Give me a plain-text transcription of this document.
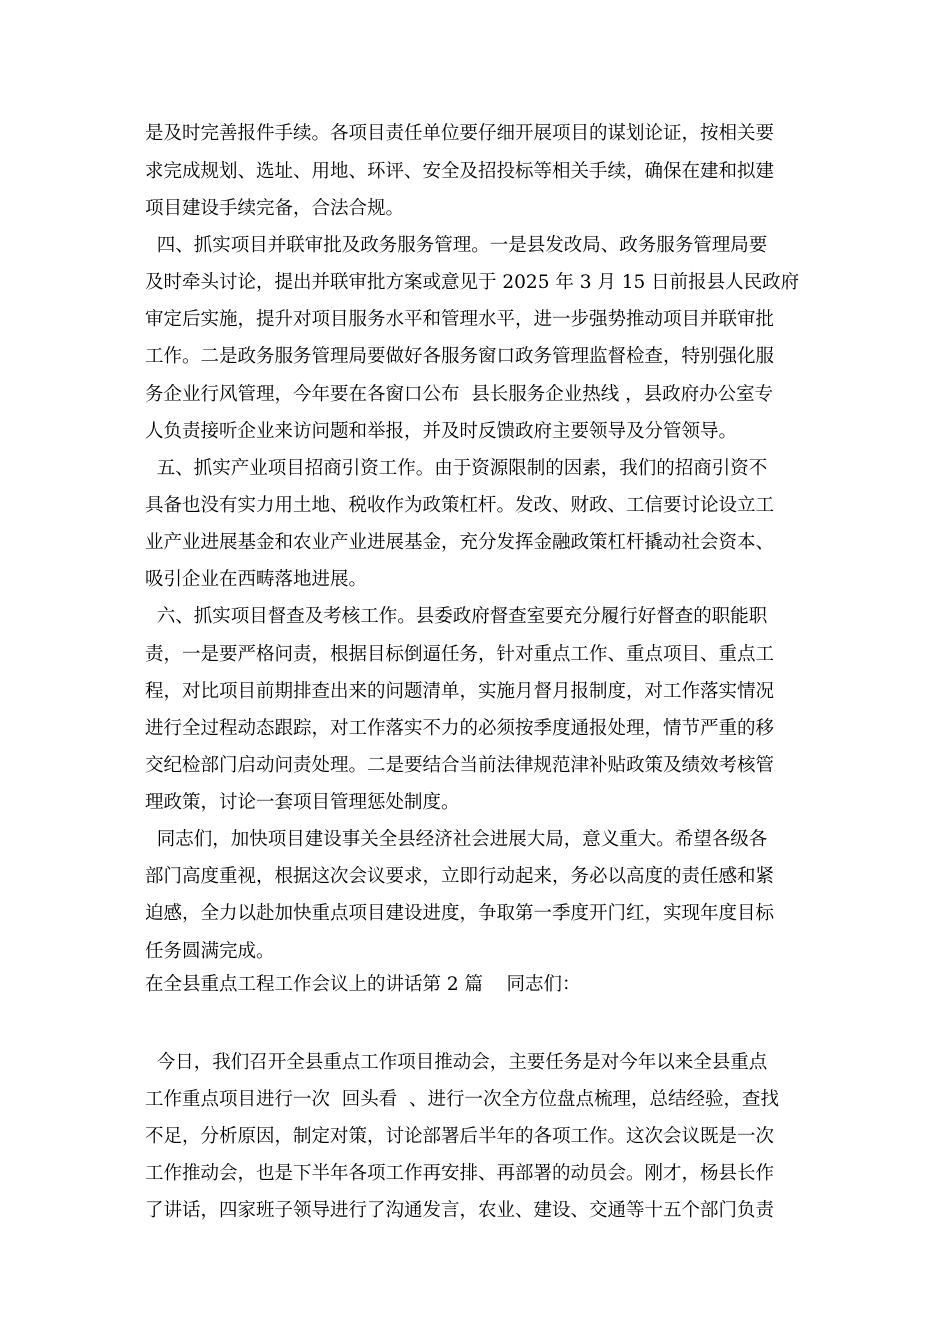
是及时完善报件手续。各项目责任单位要仔细开展项目的谋划论证，按相关要
求完成规划、选址、用地、环评、安全及招投标等相关手续，确保在建和拟建
项目建设手续完备，合法合规。
四、抓实项目并联审批及政务服务管理。一是县发改局、政务服务管理局要
及时牵头讨论，提出并联审批方案或意见于 2025 年 3 月 15 日前报县人民政府
审定后实施，提升对项目服务水平和管理水平，进一步强势推动项目并联审批
工作。二是政务服务管理局要做好各服务窗口政务管理监督检查，特别强化服
务企业行风管理，今年要在各窗口公布  县长服务企业热线 ，县政府办公室专
人负责接听企业来访问题和举报，并及时反馈政府主要领导及分管领导。
五、抓实产业项目招商引资工作。由于资源限制的因素，我们的招商引资不
具备也没有实力用土地、税收作为政策杠杆。发改、财政、工信要讨论设立工
业产业进展基金和农业产业进展基金，充分发挥金融政策杠杆撬动社会资本、
吸引企业在西畴落地进展。
六、抓实项目督查及考核工作。县委政府督查室要充分履行好督查的职能职
责，一是要严格问责，根据目标倒逼任务，针对重点工作、重点项目、重点工
程，对比项目前期排查出来的问题清单，实施月督月报制度，对工作落实情况
进行全过程动态跟踪，对工作落实不力的必须按季度通报处理，情节严重的移
交纪检部门启动问责处理。二是要结合当前法律规范津补贴政策及绩效考核管
理政策，讨论一套项目管理惩处制度。
同志们，加快项目建设事关全县经济社会进展大局，意义重大。希望各级各
部门高度重视，根据这次会议要求，立即行动起来，务必以高度的责任感和紧
迫感，全力以赴加快重点项目建设进度，争取第一季度开门红，实现年度目标
任务圆满完成。
在全县重点工程工作会议上的讲话第 2 篇    同志们：
今日，我们召开全县重点工作项目推动会，主要任务是对今年以来全县重点
工作重点项目进行一次  回头看  、进行一次全方位盘点梳理，总结经验，查找
不足，分析原因，制定对策，讨论部署后半年的各项工作。这次会议既是一次
工作推动会，也是下半年各项工作再安排、再部署的动员会。刚才，杨县长作
了讲话，四家班子领导进行了沟通发言，农业、建设、交通等十五个部门负责
